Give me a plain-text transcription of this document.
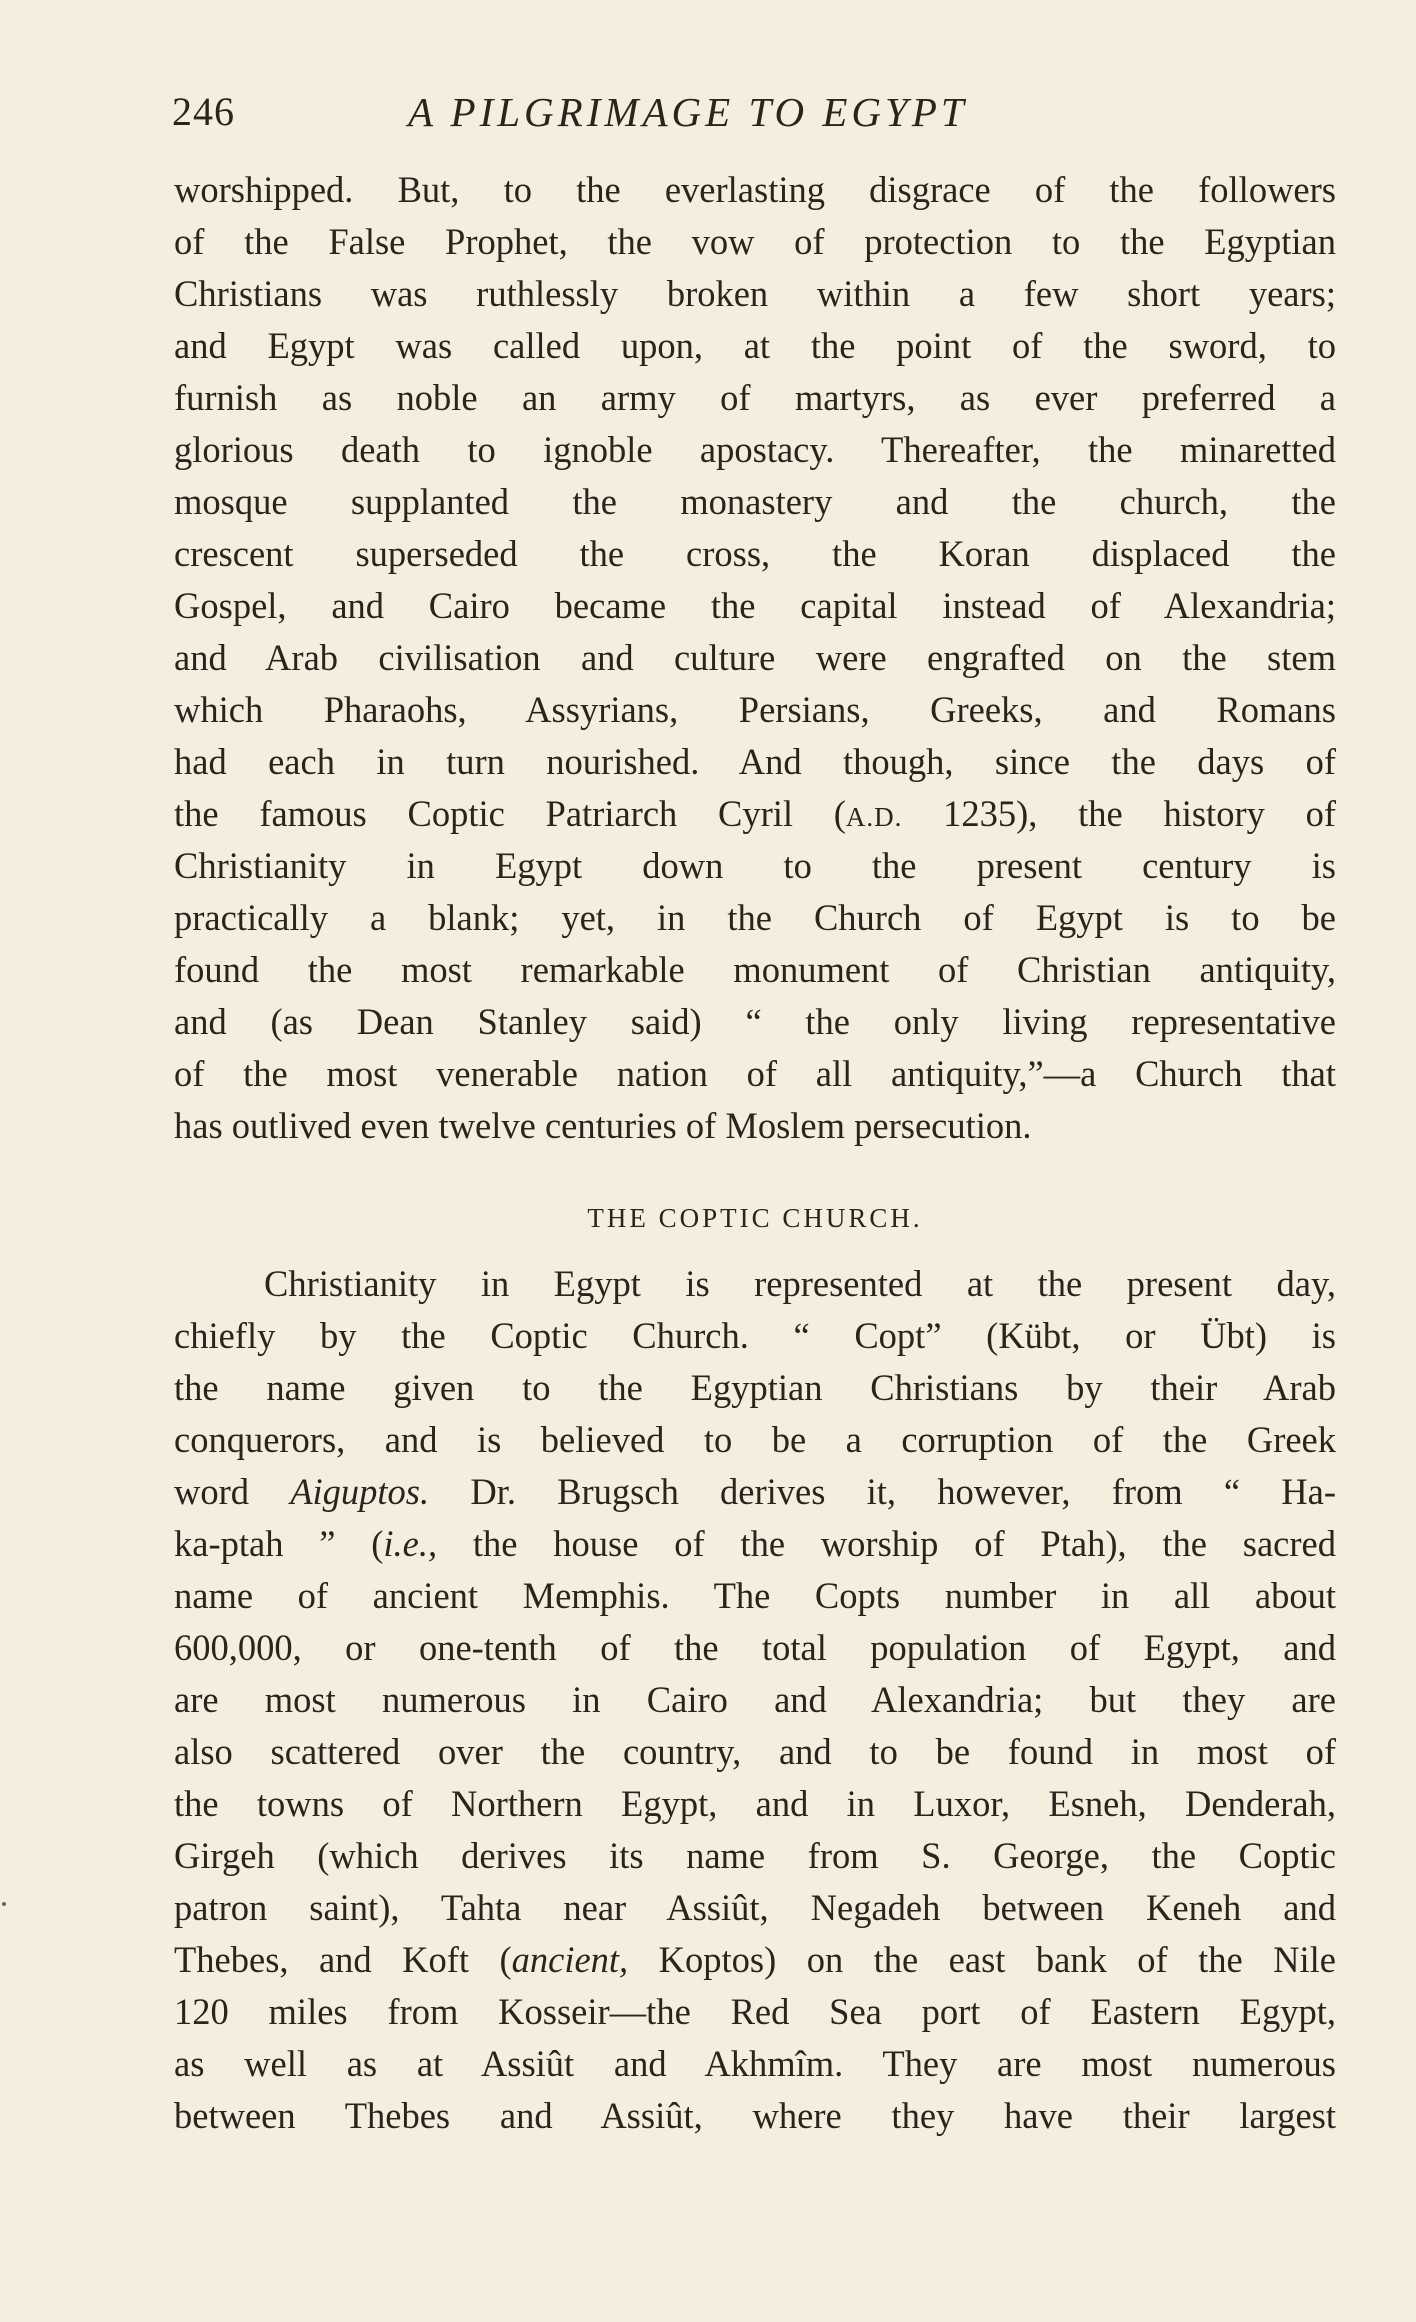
246	A PILGRIMAGE TO EGYPT
worshipped. But, to the everlasting disgrace of the followers
of the False Prophet, the vow of protection to the Egyptian
Christians was ruthlessly broken within a few short years;
and Egypt was called upon, at the point of the sword, to
furnish as noble an army of martyrs, as ever preferred a
glorious death to ignoble apostacy. Thereafter, the minaretted
mosque supplanted the monastery and the church, the
crescent superseded the cross, the Koran displaced the
Gospel, and Cairo became the capital instead of Alexandria;
and Arab civilisation and culture were engrafted on the stem
which Pharaohs, Assyrians, Persians, Greeks, and Romans
had each in turn nourished. And though, since the days of
the famous Coptic Patriarch Cyril (A.D. 1235), the history of
Christianity in Egypt down to the present century is
practically a blank; yet, in the Church of Egypt is to be
found the most remarkable monument of Christian antiquity,
and (as Dean Stanley said) “ the only living representative
of the most venerable nation of all antiquity,”—a Church that
has outlived even twelve centuries of Moslem persecution.
THE COPTIC CHURCH.
Christianity in Egypt is represented at the present day,
chiefly by the Coptic Church. “ Copt” (Kübt, or Übt) is
the name given to the Egyptian Christians by their Arab
conquerors, and is believed to be a corruption of the Greek
word Aiguptos. Dr. Brugsch derives it, however, from “ Ha-
ka-ptah ” (i.e., the house of the worship of Ptah), the sacred
name of ancient Memphis. The Copts number in all about
600,000, or one-tenth of the total population of Egypt, and
are most numerous in Cairo and Alexandria; but they are
also scattered over the country, and to be found in most of
the towns of Northern Egypt, and in Luxor, Esneh, Denderah,
Girgeh (which derives its name from S. George, the Coptic
patron saint), Tahta near Assiût, Negadeh between Keneh and
Thebes, and Koft (ancient, Koptos) on the east bank of the Nile
120 miles from Kosseir—the Red Sea port of Eastern Egypt,
as well as at Assiût and Akhmîm. They are most numerous
between Thebes and Assiût, where they have their largest
